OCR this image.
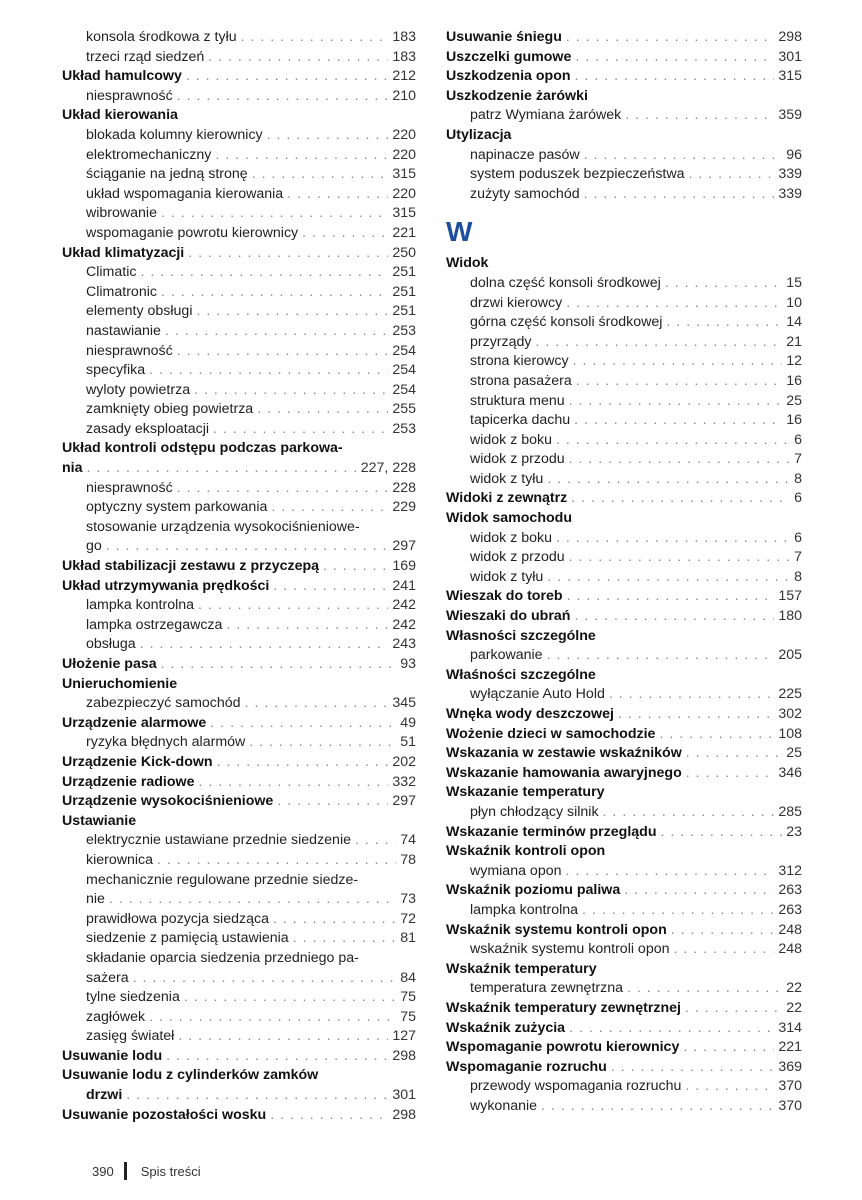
konsola środkowa z tyłu . . .	183
trzeci rząd siedzeń . . .	183
Układ hamulcowy . . .	212
niesprawność . . .	210
Układ kierowania
blokada kolumny kierownicy . . .	220
elektromechaniczny . . .	220
ściąganie na jedną stronę . . .	315
układ wspomagania kierowania . . .	220
wibrowanie . . .	315
wspomaganie powrotu kierownicy . . .	221
Układ klimatyzacji . . .	250
Climatic . . .	251
Climatronic . . .	251
elementy obsługi . . .	251
nastawianie . . .	253
niesprawność . . .	254
specyfika . . .	254
wyloty powietrza . . .	254
zamknięty obieg powietrza . . .	255
zasady eksploatacji . . .	253
Układ kontroli odstępu podczas parkowa-
nia . . .	227, 228
niesprawność . . .	228
optyczny system parkowania . . .	229
stosowanie urządzenia wysokociśnieniowe-
go . . .	297
Układ stabilizacji zestawu z przyczepą . . .	169
Układ utrzymywania prędkości . . .	241
lampka kontrolna . . .	242
lampka ostrzegawcza . . .	242
obsługa . . .	243
Ułożenie pasa . . .	93
Unieruchomienie
zabezpieczyć samochód . . .	345
Urządzenie alarmowe . . .	49
ryzyka błędnych alarmów . . .	51
Urządzenie Kick-down . . .	202
Urządzenie radiowe . . .	332
Urządzenie wysokociśnieniowe . . .	297
Ustawianie
elektrycznie ustawiane przednie siedzenie . . .	74
kierownica . . .	78
mechanicznie regulowane przednie siedze-
nie . . .	73
prawidłowa pozycja siedząca . . .	72
siedzenie z pamięcią ustawienia . . .	81
składanie oparcia siedzenia przedniego pa-
sażera . . .	84
tylne siedzenia . . .	75
zagłówek . . .	75
zasięg świateł . . .	127
Usuwanie lodu . . .	298
Usuwanie lodu z cylinderków zamków
drzwi . . .	301
Usuwanie pozostałości wosku . . .	298
Usuwanie śniegu . . .	298
Uszczelki gumowe . . .	301
Uszkodzenia opon . . .	315
Uszkodzenie żarówki
patrz Wymiana żarówek . . .	359
Utylizacja
napinacze pasów . . .	96
system poduszek bezpieczeństwa . . .	339
zużyty samochód . . .	339
W
Widok
dolna część konsoli środkowej . . .	15
drzwi kierowcy . . .	10
górna część konsoli środkowej . . .	14
przyrządy . . .	21
strona kierowcy . . .	12
strona pasażera . . .	16
struktura menu . . .	25
tapicerka dachu . . .	16
widok z boku . . .	6
widok z przodu . . .	7
widok z tyłu . . .	8
Widoki z zewnątrz . . .	6
Widok samochodu
widok z boku . . .	6
widok z przodu . . .	7
widok z tyłu . . .	8
Wieszak do toreb . . .	157
Wieszaki do ubrań . . .	180
Własności szczególne
parkowanie . . .	205
Właśności szczególne
wyłączanie Auto Hold . . .	225
Wnęka wody deszczowej . . .	302
Wożenie dzieci w samochodzie . . .	108
Wskazania w zestawie wskaźników . . .	25
Wskazanie hamowania awaryjnego . . .	346
Wskazanie temperatury
płyn chłodzący silnik . . .	285
Wskazanie terminów przeglądu . . .	23
Wskaźnik kontroli opon
wymiana opon . . .	312
Wskaźnik poziomu paliwa . . .	263
lampka kontrolna . . .	263
Wskaźnik systemu kontroli opon . . .	248
wskaźnik systemu kontroli opon . . .	248
Wskaźnik temperatury
temperatura zewnętrzna . . .	22
Wskaźnik temperatury zewnętrznej . . .	22
Wskaźnik zużycia . . .	314
Wspomaganie powrotu kierownicy . . .	221
Wspomaganie rozruchu . . .	369
przewody wspomagania rozruchu . . .	370
wykonanie . . .	370
390 Spis treści
